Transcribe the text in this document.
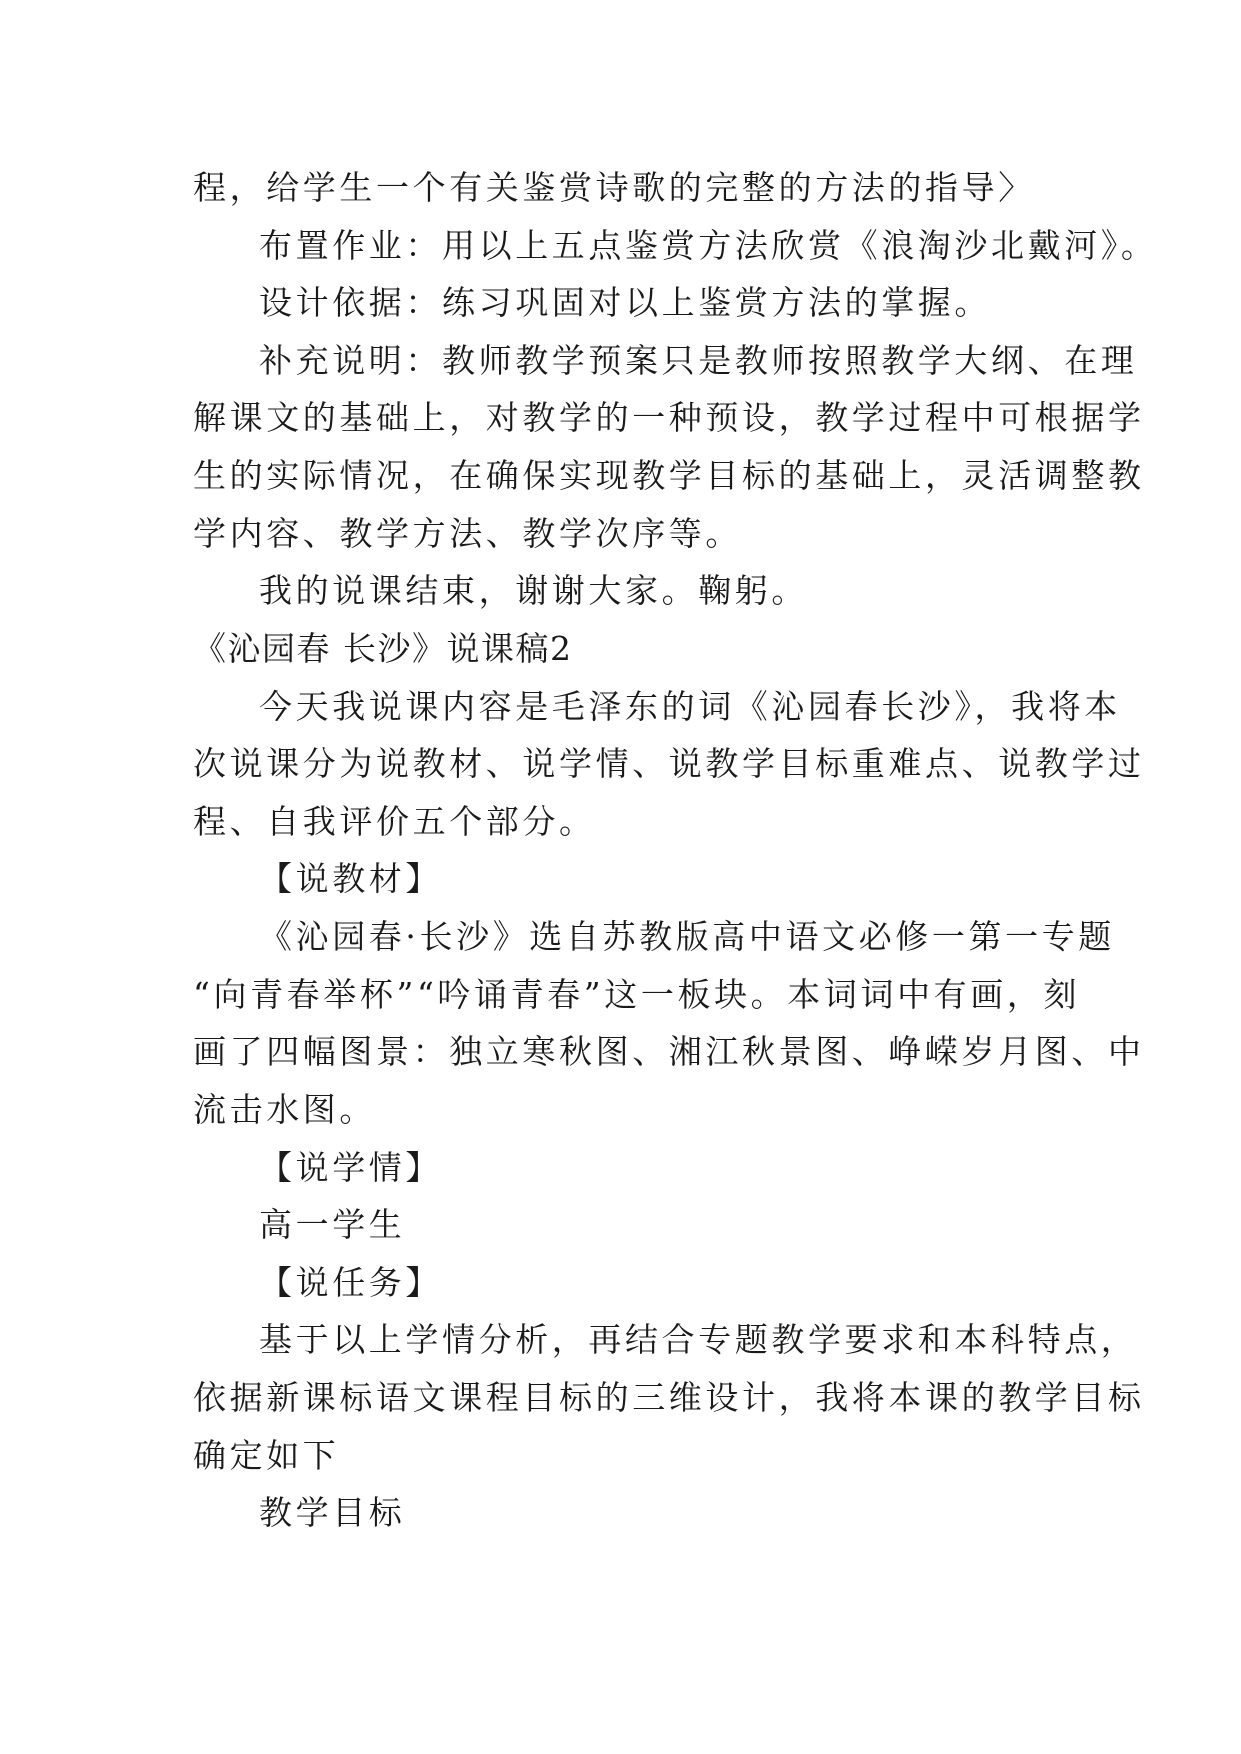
程，给学生一个有关鉴赏诗歌的完整的方法的指导〉
布置作业：用以上五点鉴赏方法欣赏《浪淘沙北戴河》。
设计依据：练习巩固对以上鉴赏方法的掌握。
补充说明：教师教学预案只是教师按照教学大纲、在理
解课文的基础上，对教学的一种预设，教学过程中可根据学
生的实际情况，在确保实现教学目标的基础上，灵活调整教
学内容、教学方法、教学次序等。
我的说课结束，谢谢大家。鞠躬。
《沁园春 长沙》说课稿2
今天我说课内容是毛泽东的词《沁园春长沙》，我将本
次说课分为说教材、说学情、说教学目标重难点、说教学过
程、自我评价五个部分。
【说教材】
《沁园春·长沙》选自苏教版高中语文必修一第一专题
“向青春举杯”“吟诵青春”这一板块。本词词中有画，刻
画了四幅图景：独立寒秋图、湘江秋景图、峥嵘岁月图、中
流击水图。
【说学情】
高一学生
【说任务】
基于以上学情分析，再结合专题教学要求和本科特点，
依据新课标语文课程目标的三维设计，我将本课的教学目标
确定如下
教学目标
